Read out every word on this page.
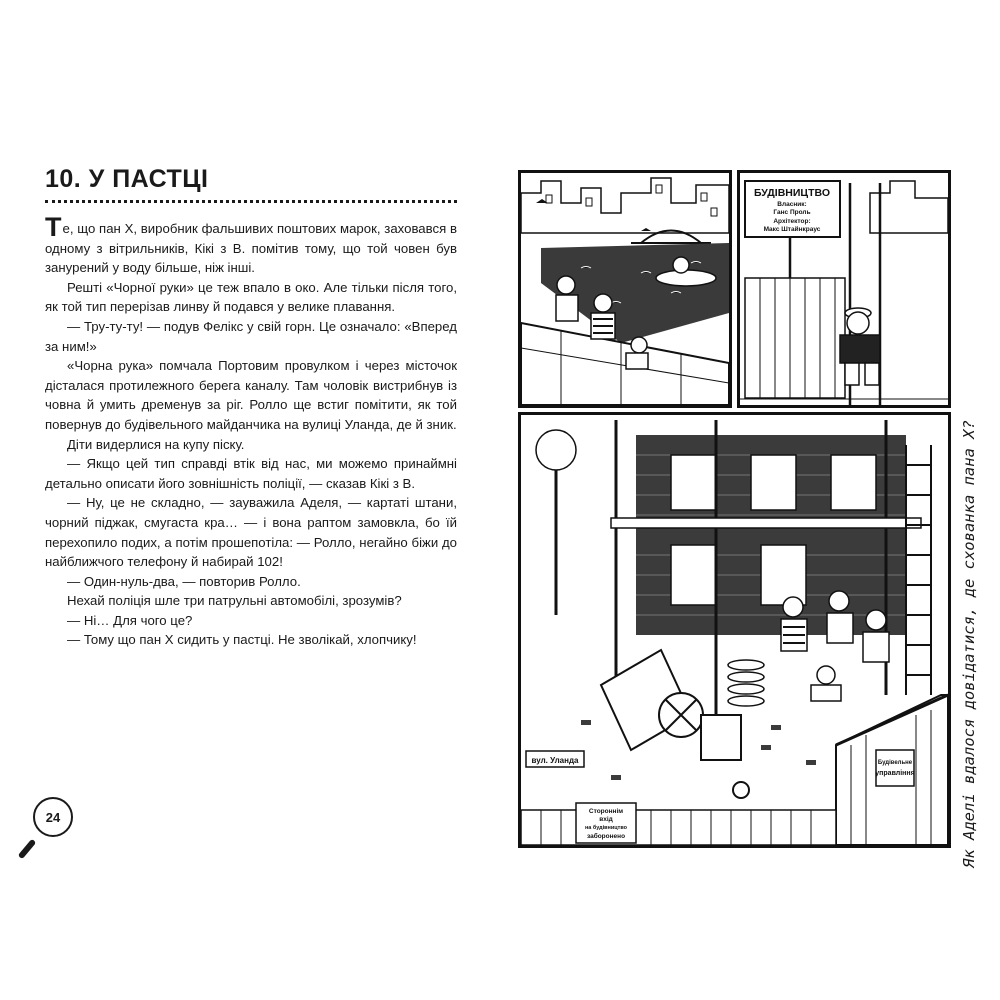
10. У ПАСТЦІ

Те, що пан Х, виробник фальшивих поштових марок, заховався в одному з вітрильників, Кікі з В. помітив тому, що той човен був занурений у воду більше, ніж інші.

Решті «Чорної руки» це теж впало в око. Але тільки після того, як той тип перерізав линву й подався у велике плавання.

— Тру-ту-ту! — подув Фелікс у свій горн. Це означало: «Вперед за ним!»

«Чорна рука» помчала Портовим провулком і через місточок дісталася протилежного берега каналу. Там чоловік вистрибнув із човна й умить дременув за ріг. Ролло ще встиг помітити, як той повернув до будівельного майданчика на вулиці Уланда, де й зник.

Діти видерлися на купу піску.

— Якщо цей тип справді втік від нас, ми можемо принаймні детально описати його зовнішність поліції, — сказав Кікі з В.

— Ну, це не складно, — зауважила Аделя, — картаті штани, чорний піджак, смугаста кра… — і вона раптом замовкла, бо їй перехопило подих, а потім прошепотіла: — Ролло, негайно біжи до найближчого телефону й набирай 102!

— Один-нуль-два, — повторив Ролло.

Нехай поліція шле три патрульні автомобілі, зрозумів?

— Ні… Для чого це?

— Тому що пан Х сидить у пастці. Не зволікай, хлопчику!

24
БУДІВНИЦТВО
Власник:
Ганс Проль
Архітектор:
Макс Штайнкраус
Будівельне
управління
вул. Уланда
Стороннім
вхід
на будівництво
заборонено	Як Аделі вдалося довідатися, де схованка пана Х?
